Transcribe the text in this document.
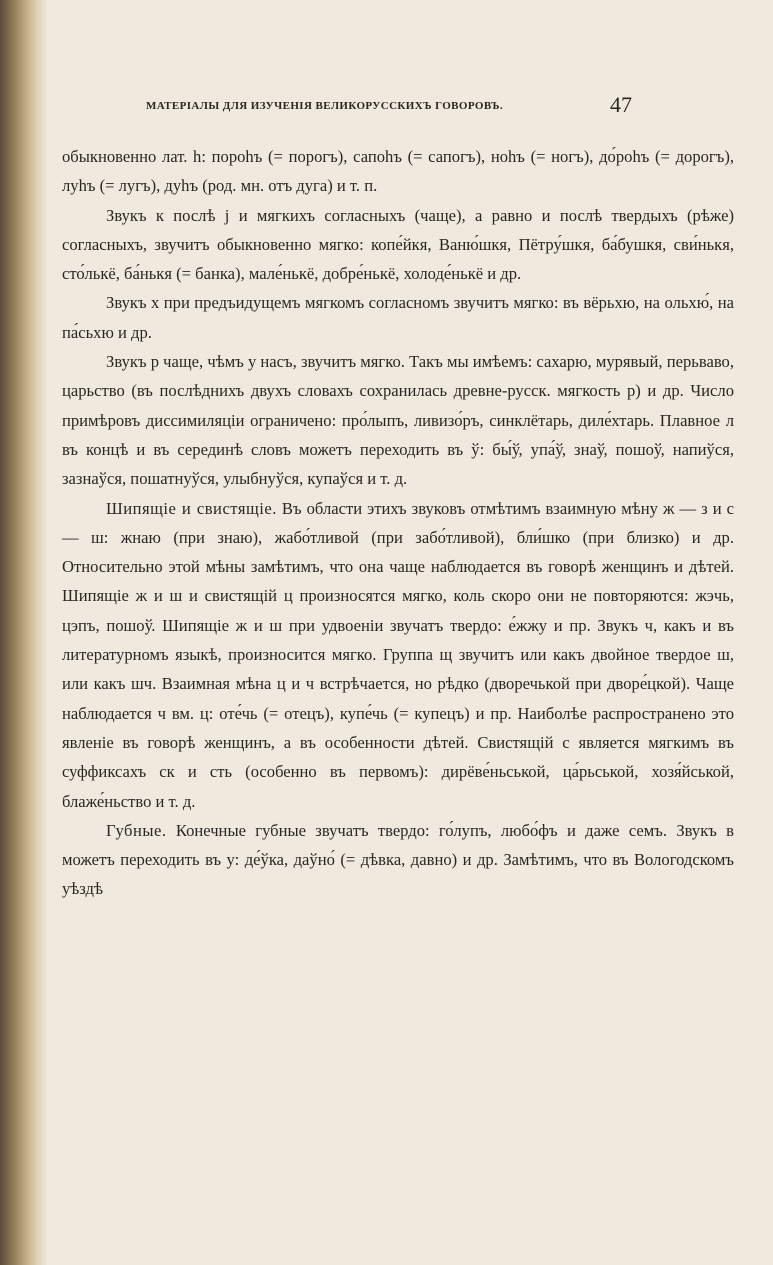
МАТЕРІАЛЫ ДЛЯ ИЗУЧЕНІЯ ВЕЛИКОРУССКИХЪ ГОВОРОВЪ.	47

обыкновенно лат. h: пороhъ (= порогъ), сапоhъ (= сапогъ), ноhъ (= ногъ), до́роhъ (= дорогъ), луhъ (= лугъ), дуhъ (род. мн. отъ дуга) и т. п.

Звукъ к послѣ j и мягкихъ согласныхъ (чаще), а равно и послѣ твердыхъ (рѣже) согласныхъ, звучитъ обыкновенно мягко: копе́йкя, Ваню́шкя, Пётру́шкя, ба́бушкя, сви́нькя, сто́лькё, ба́нькя (= банка), мале́нькё, добре́нькё, холоде́нькё и др.

Звукъ х при предъидущемъ мягкомъ согласномъ звучитъ мягко: въ вёрьхю, на ольхю́, на па́сьхю и др.

Звукъ р чаще, чѣмъ у насъ, звучитъ мягко. Такъ мы имѣемъ: сахарю, мурявый, перьваво, царьство (въ послѣднихъ двухъ словахъ сохранилась древне-русск. мягкость р) и др. Число примѣровъ диссимиляціи ограничено: про́лыпъ, ливизо́ръ, синклётарь, диле́хтарь. Плавное л въ концѣ и въ серединѣ словъ можетъ переходить въ ў: бы́ў, упа́ў, знаў, пошоў, напиўся, зазнаўся, пошатнуўся, улыбнуўся, купаўся и т. д.

Шипящіе и свистящіе. Въ области этихъ звуковъ отмѣтимъ взаимную мѣну ж — з и с — ш: жнаю (при знаю), жабо́тливой (при забо́тливой), бли́шко (при близко) и др. Относительно этой мѣны замѣтимъ, что она чаще наблюдается въ говорѣ женщинъ и дѣтей. Шипящіе ж и ш и свистящій ц произносятся мягко, коль скоро они не повторяются: жэчь, цэпъ, пошоў. Шипящіе ж и ш при удвоеніи звучатъ твердо: е́жжу и пр. Звукъ ч, какъ и въ литературномъ языкѣ, произносится мягко. Группа щ звучитъ или какъ двойное твердое ш, или какъ шч. Взаимная мѣна ц и ч встрѣчается, но рѣдко (дворечькой при дворе́цкой). Чаще наблюдается ч вм. ц: оте́чь (= отецъ), купе́чь (= купецъ) и пр. Наиболѣе распространено это явленіе въ говорѣ женщинъ, а въ особенности дѣтей. Свистящій с является мягкимъ въ суффиксахъ ск и сть (особенно въ первомъ): дирёве́ньськой, ца́рьськой, хозя́йськой, блаже́ньство и т. д.

Губные. Конечные губные звучатъ твердо: го́лупъ, любо́фъ и даже семъ. Звукъ в можетъ переходить въ у: де́ўка, даўно́ (= дѣвка, давно) и др. Замѣтимъ, что въ Вологодскомъ уѣздѣ
